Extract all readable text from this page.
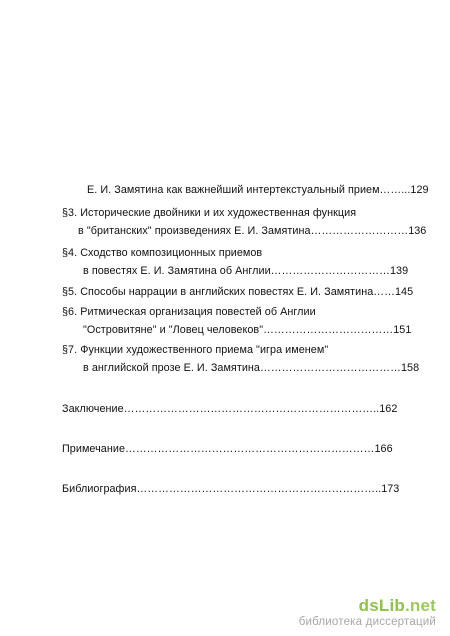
Е. И. Замятина как важнейший интертекстуальный прием……...129
§3. Исторические двойники и их художественная функция
в "британских" произведениях Е. И. Замятина………………………136
§4. Сходство композиционных приемов
в повестях Е. И. Замятина об Англии……………………………139
§5. Способы наррации в английских повестях Е. И. Замятина……145
§6. Ритмическая организация повестей об Англии
"Островитяне" и "Ловец человеков"………………………………151
§7. Функции художественного приема "игра именем"
в английской прозе Е. И. Замятина…………………………………158
Заключение……………………………………………………………..162
Примечание……………………………………………………………166
Библиография…………………………………………………………..173
dsLib.net
библиотека диссертаций
